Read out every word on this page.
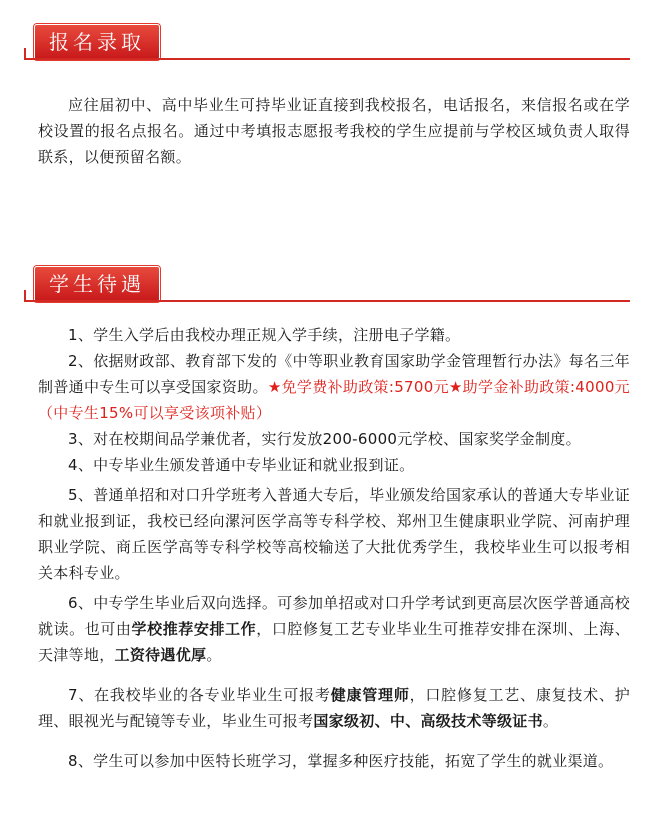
报名录取

应往届初中、高中毕业生可持毕业证直接到我校报名，电话报名，来信报名或在学校设置的报名点报名。通过中考填报志愿报考我校的学生应提前与学校区域负责人取得联系，以便预留名额。

学生待遇

1、学生入学后由我校办理正规入学手续，注册电子学籍。

2、依据财政部、教育部下发的《中等职业教育国家助学金管理暂行办法》每名三年制普通中专生可以享受国家资助。★免学费补助政策:5700元★助学金补助政策:4000元（中专生15%可以享受该项补贴）

3、对在校期间品学兼优者，实行发放200-6000元学校、国家奖学金制度。

4、中专毕业生颁发普通中专毕业证和就业报到证。

5、普通单招和对口升学班考入普通大专后，毕业颁发给国家承认的普通大专毕业证和就业报到证，我校已经向漯河医学高等专科学校、郑州卫生健康职业学院、河南护理职业学院、商丘医学高等专科学校等高校输送了大批优秀学生，我校毕业生可以报考相关本科专业。

6、中专学生毕业后双向选择。可参加单招或对口升学考试到更高层次医学普通高校就读。也可由学校推荐安排工作，口腔修复工艺专业毕业生可推荐安排在深圳、上海、天津等地，工资待遇优厚。

7、在我校毕业的各专业毕业生可报考健康管理师，口腔修复工艺、康复技术、护理、眼视光与配镜等专业，毕业生可报考国家级初、中、高级技术等级证书。

8、学生可以参加中医特长班学习，掌握多种医疗技能，拓宽了学生的就业渠道。
